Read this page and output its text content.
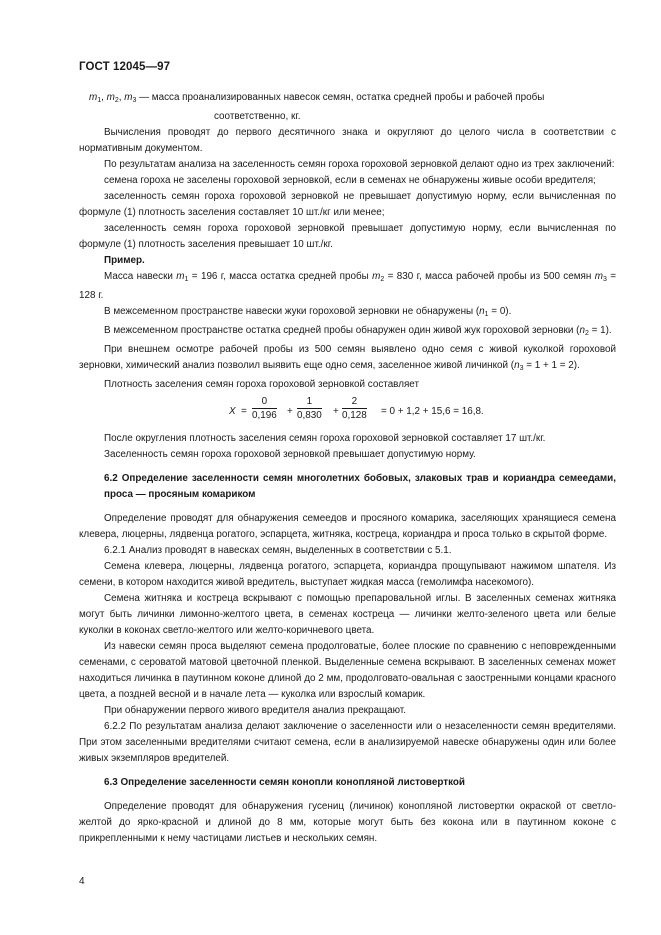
ГОСТ 12045—97
$m_1$, $m_2$, $m_3$ — масса проанализированных навесок семян, остатка средней пробы и рабочей пробы
соответственно, кг.

Вычисления проводят до первого десятичного знака и округляют до целого числа в соответствии с нормативным документом.

По результатам анализа на заселенность семян гороха гороховой зерновкой делают одно из трех заключений:

семена гороха не заселены гороховой зерновкой, если в семенах не обнаружены живые особи вредителя;

заселенность семян гороха гороховой зерновкой не превышает допустимую норму, если вычисленная по формуле (1) плотность заселения составляет 10 шт./кг или менее;

заселенность семян гороха гороховой зерновкой превышает допустимую норму, если вычисленная по формуле (1) плотность заселения превышает 10 шт./кг.

Пример.

Масса навески $m_1 = 196$ г, масса остатка средней пробы $m_2 = 830$ г, масса рабочей пробы из 500 семян $m_3 = 128$ г.

В межсеменном пространстве навески жуки гороховой зерновки не обнаружены $(n_1 = 0)$.

В межсеменном пространстве остатка средней пробы обнаружен один живой жук гороховой зерновки $(n_2 = 1)$.

При внешнем осмотре рабочей пробы из 500 семян выявлено одно семя с живой куколкой гороховой зерновки, химический анализ позволил выявить еще одно семя, заселенное живой личинкой $(n_3 = 1 + 1 = 2)$.

Плотность заселения семян гороха гороховой зерновкой составляет

$X = \frac{0}{0,196} + \frac{1}{0,830} + \frac{2}{0,128} = 0 + 1,2 + 15,6 = 16,8$.

После округления плотность заселения семян гороха гороховой зерновкой составляет 17 шт./кг.

Заселенность семян гороха гороховой зерновкой превышает допустимую норму.

6.2 Определение заселенности семян многолетних бобовых, злаковых трав и кориандра семеедами, проса — просяным комариком

Определение проводят для обнаружения семеедов и просяного комарика, заселяющих хранящиеся семена клевера, люцерны, лядвенца рогатого, эспарцета, житняка, костреца, кориандра и проса только в скрытой форме.

6.2.1 Анализ проводят в навесках семян, выделенных в соответствии с 5.1.

Семена клевера, люцерны, лядвенца рогатого, эспарцета, кориандра прощупывают нажимом шпателя. Из семени, в котором находится живой вредитель, выступает жидкая масса (гемолимфа насекомого).

Семена житняка и костреца вскрывают с помощью препаровальной иглы. В заселенных семенах житняка могут быть личинки лимонно-желтого цвета, в семенах костреца — личинки желто-зеленого цвета или белые куколки в коконах светло-желтого или желто-коричневого цвета.

Из навески семян проса выделяют семена продолговатые, более плоские по сравнению с неповрежденными семенами, с сероватой матовой цветочной пленкой. Выделенные семена вскрывают. В заселенных семенах может находиться личинка в паутинном коконе длиной до 2 мм, продолговато-овальная с заостренными концами красного цвета, а поздней весной и в начале лета — куколка или взрослый комарик.

При обнаружении первого живого вредителя анализ прекращают.

6.2.2 По результатам анализа делают заключение о заселенности или о незаселенности семян вредителями. При этом заселенными вредителями считают семена, если в анализируемой навеске обнаружены один или более живых экземпляров вредителей.

6.3 Определение заселенности семян конопли конопляной листоверткой

Определение проводят для обнаружения гусениц (личинок) конопляной листовертки окраской от светло-желтой до ярко-красной и длиной до 8 мм, которые могут быть без кокона или в паутинном коконе с прикрепленными к нему частицами листьев и нескольких семян.

4
